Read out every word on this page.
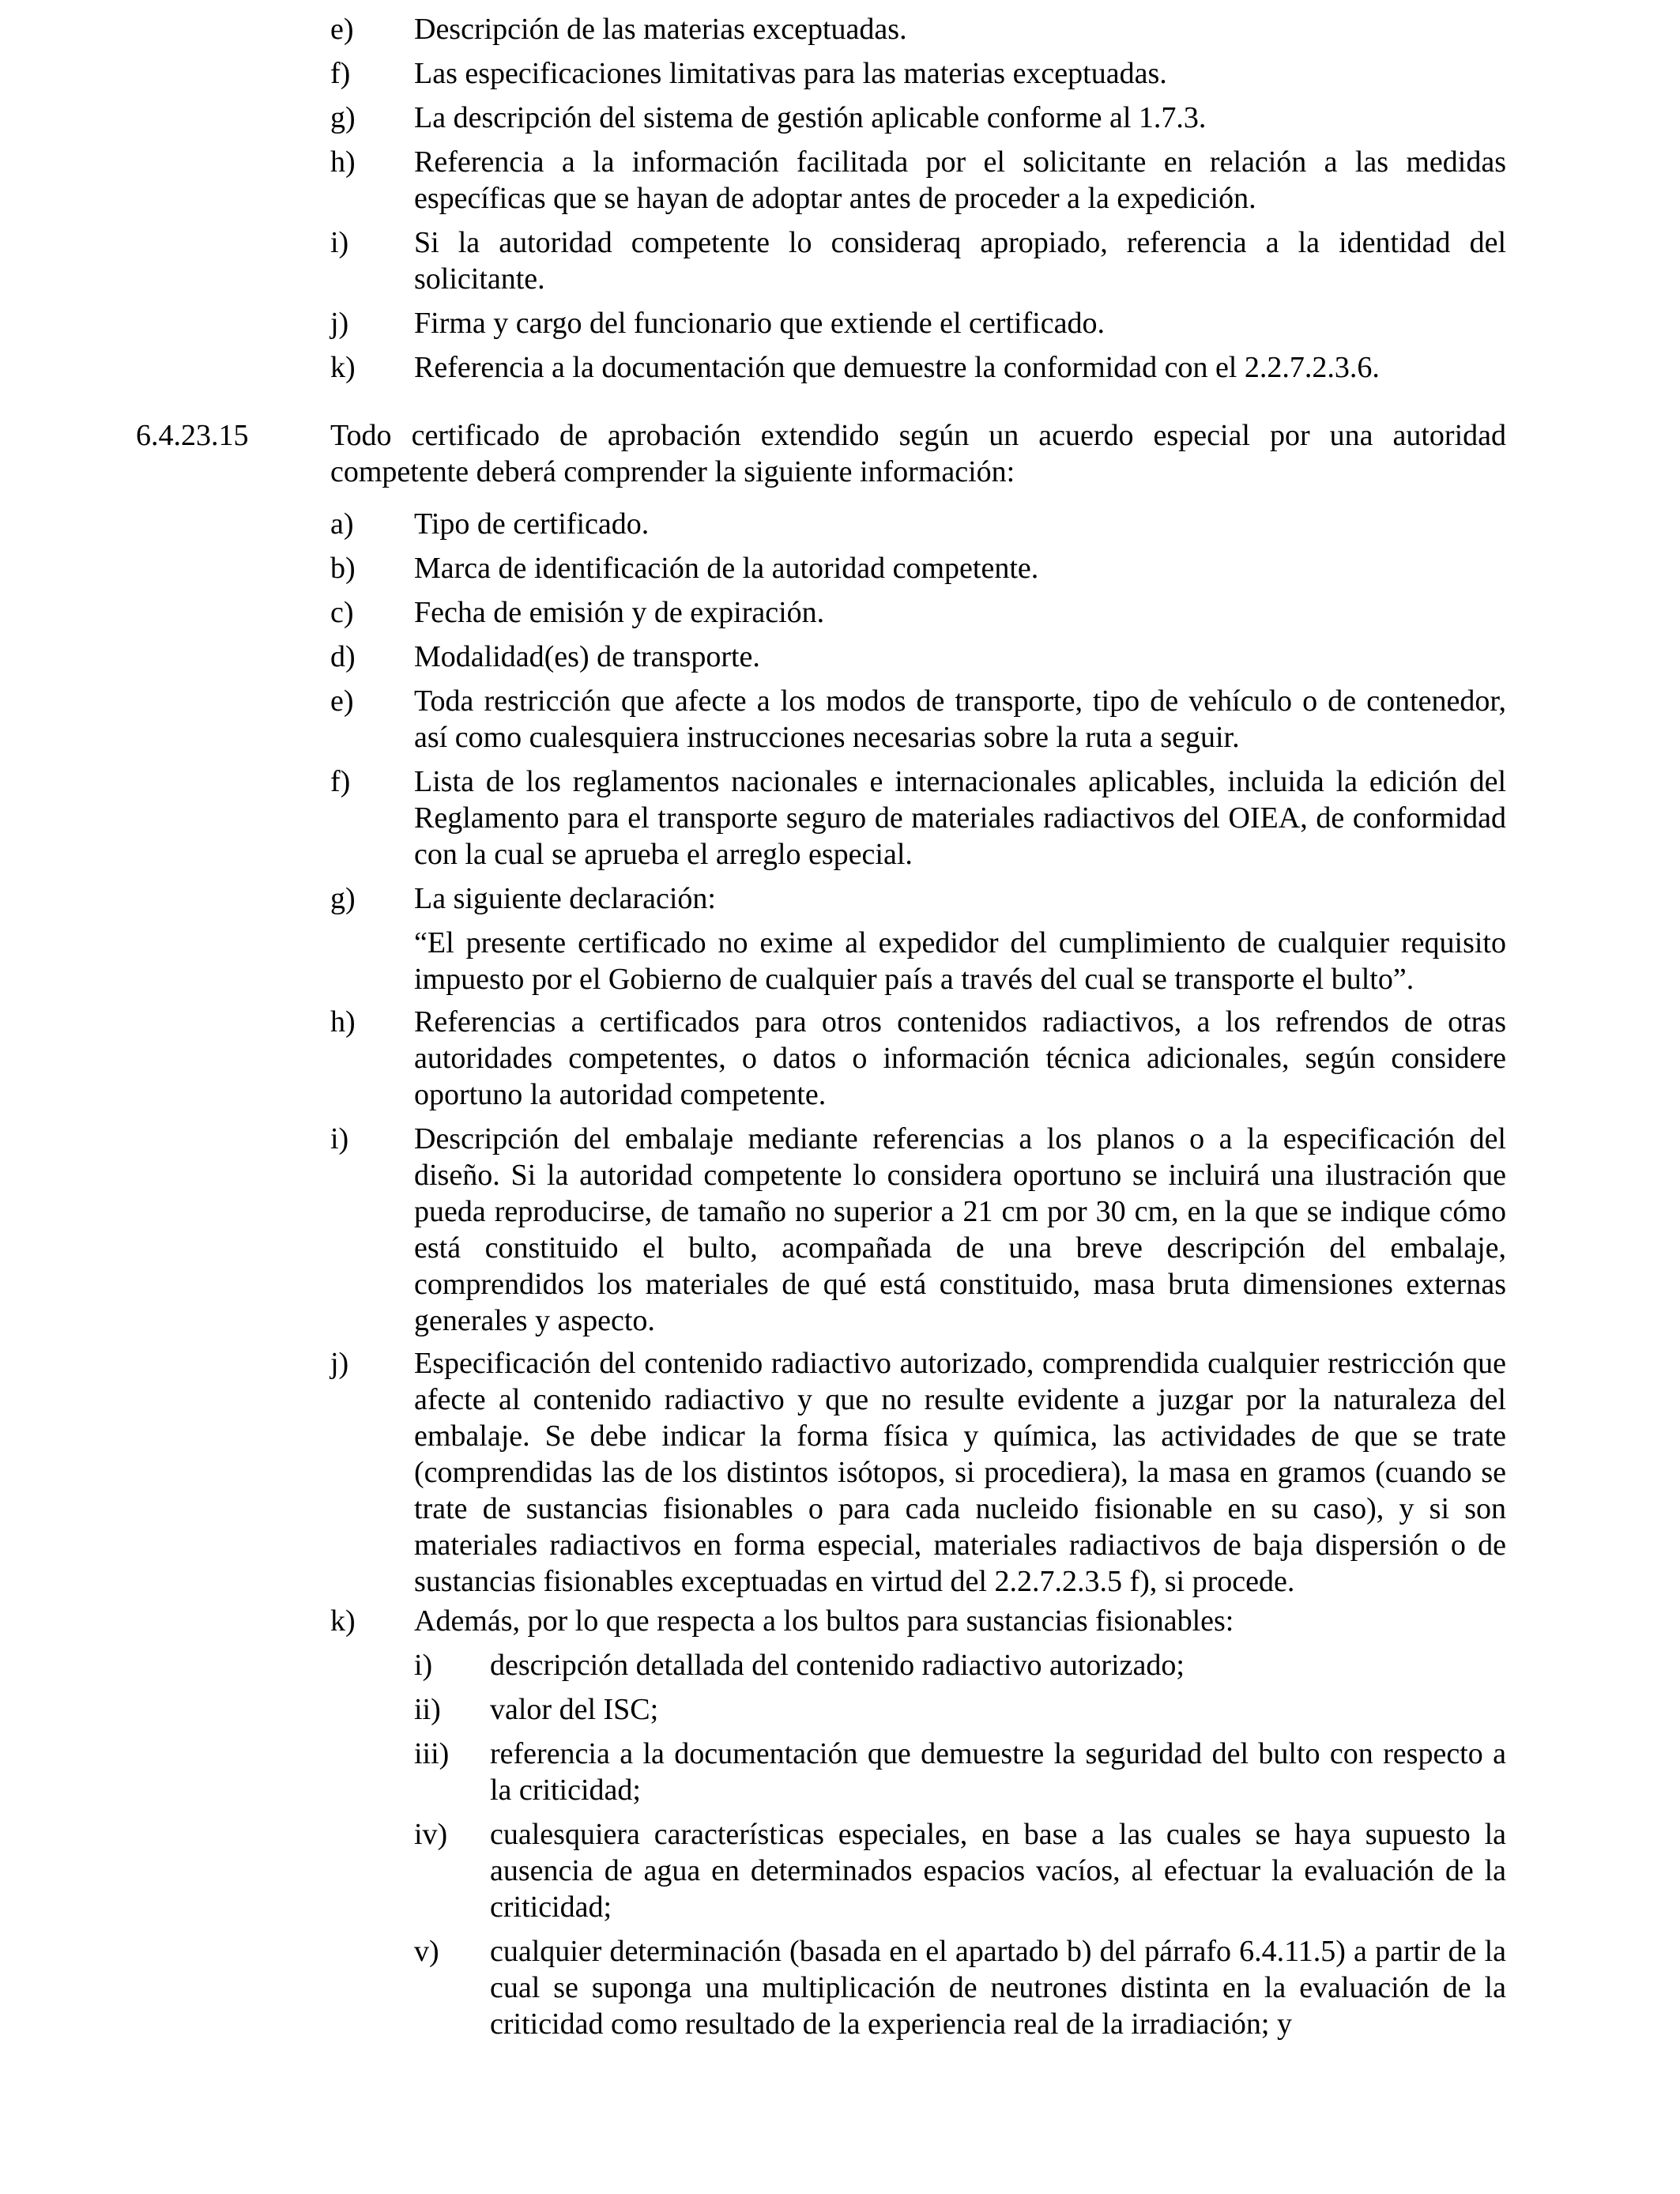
e) Descripción de las materias exceptuadas.
f) Las especificaciones limitativas para las materias exceptuadas.
g) La descripción del sistema de gestión aplicable conforme al 1.7.3.
h) Referencia a la información facilitada por el solicitante en relación a las medidas específicas que se hayan de adoptar antes de proceder a la expedición.
i) Si la autoridad competente lo consideraq apropiado, referencia a la identidad del solicitante.
j) Firma y cargo del funcionario que extiende el certificado.
k) Referencia a la documentación que demuestre la conformidad con el 2.2.7.2.3.6.
6.4.23.15	Todo certificado de aprobación extendido según un acuerdo especial por una autoridad competente deberá comprender la siguiente información:
a) Tipo de certificado.
b) Marca de identificación de la autoridad competente.
c) Fecha de emisión y de expiración.
d) Modalidad(es) de transporte.
e) Toda restricción que afecte a los modos de transporte, tipo de vehículo o de contenedor, así como cualesquiera instrucciones necesarias sobre la ruta a seguir.
f) Lista de los reglamentos nacionales e internacionales aplicables, incluida la edición del Reglamento para el transporte seguro de materiales radiactivos del OIEA, de conformidad con la cual se aprueba el arreglo especial.
g) La siguiente declaración:
“El presente certificado no exime al expedidor del cumplimiento de cualquier requisito impuesto por el Gobierno de cualquier país a través del cual se transporte el bulto”.
h) Referencias a certificados para otros contenidos radiactivos, a los refrendos de otras autoridades competentes, o datos o información técnica adicionales, según considere oportuno la autoridad competente.
i) Descripción del embalaje mediante referencias a los planos o a la especificación del diseño. Si la autoridad competente lo considera oportuno se incluirá una ilustración que pueda reproducirse, de tamaño no superior a 21 cm por 30 cm, en la que se indique cómo está constituido el bulto, acompañada de una breve descripción del embalaje, comprendidos los materiales de qué está constituido, masa bruta dimensiones externas generales y aspecto.
j) Especificación del contenido radiactivo autorizado, comprendida cualquier restricción que afecte al contenido radiactivo y que no resulte evidente a juzgar por la naturaleza del embalaje. Se debe indicar la forma física y química, las actividades de que se trate (comprendidas las de los distintos isótopos, si procediera), la masa en gramos (cuando se trate de sustancias fisionables o para cada nucleido fisionable en su caso), y si son materiales radiactivos en forma especial, materiales radiactivos de baja dispersión o de sustancias fisionables exceptuadas en virtud del 2.2.7.2.3.5 f), si procede.
k) Además, por lo que respecta a los bultos para sustancias fisionables:
i) descripción detallada del contenido radiactivo autorizado;
ii) valor del ISC;
iii) referencia a la documentación que demuestre la seguridad del bulto con respecto a la criticidad;
iv) cualesquiera características especiales, en base a las cuales se haya supuesto la ausencia de agua en determinados espacios vacíos, al efectuar la evaluación de la criticidad;
v) cualquier determinación (basada en el apartado b) del párrafo 6.4.11.5) a partir de la cual se suponga una multiplicación de neutrones distinta en la evaluación de la criticidad como resultado de la experiencia real de la irradiación; y
